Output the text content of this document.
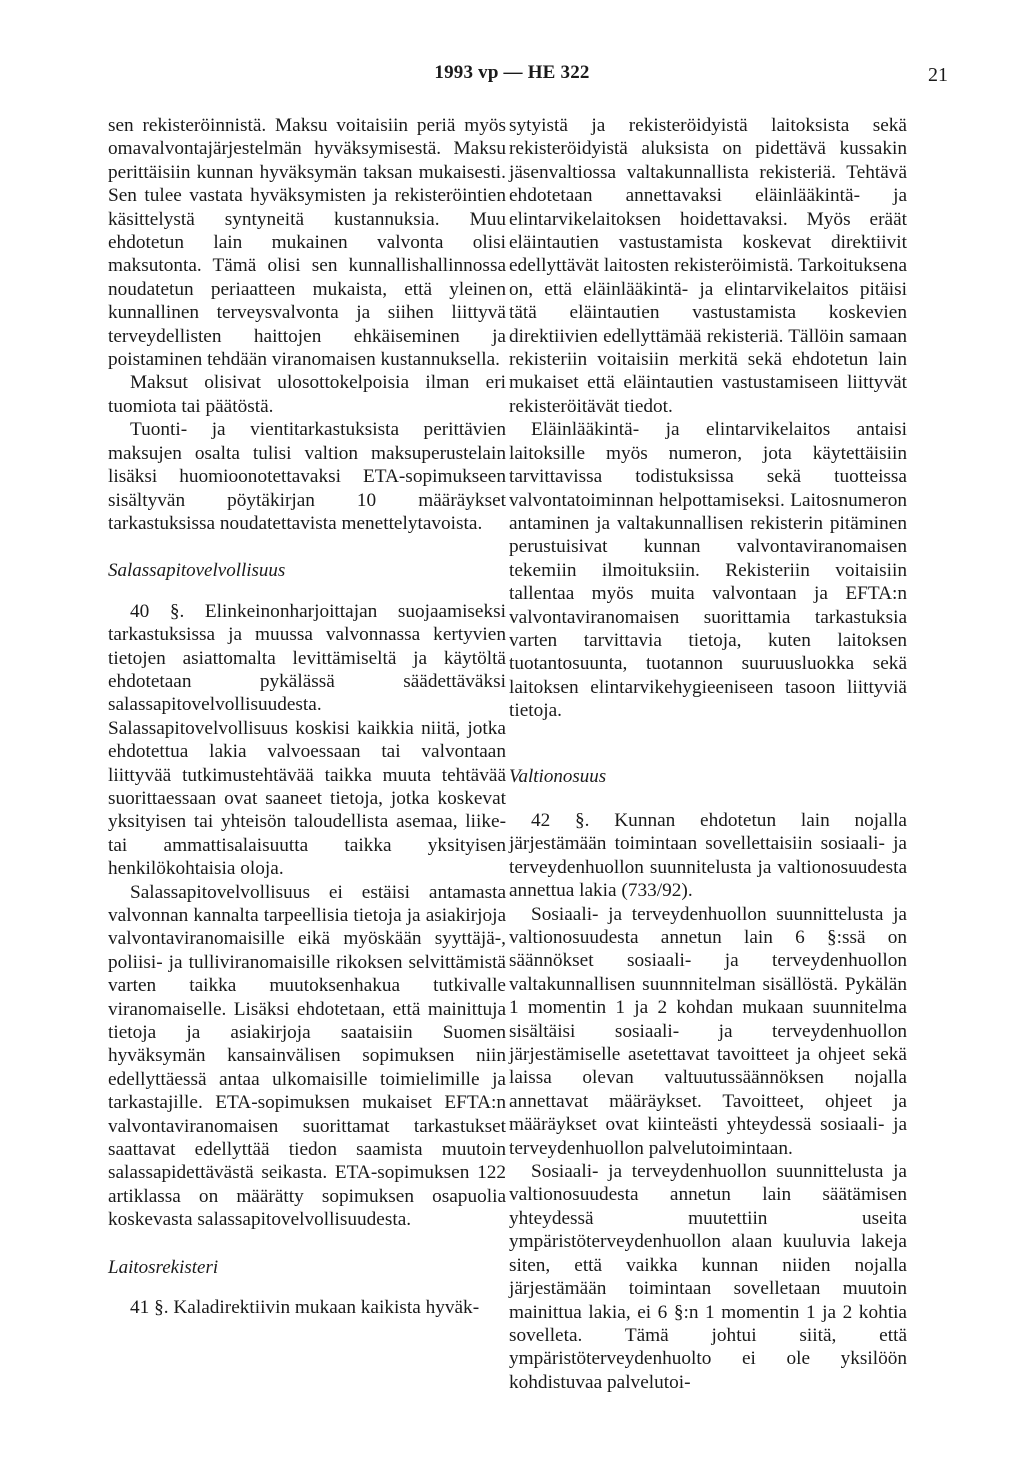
1993 vp — HE 322	21

sen rekisteröinnistä. Maksu voitaisiin periä myös omavalvontajärjestelmän hyväksymisestä. Maksu perittäisiin kunnan hyväksymän taksan mukaisesti. Sen tulee vastata hyväksymisten ja rekisteröintien käsittelystä syntyneitä kustannuksia. Muu ehdotetun lain mukainen valvonta olisi maksutonta. Tämä olisi sen kunnallishallinnossa noudatetun periaatteen mukaista, että yleinen kunnallinen terveysvalvonta ja siihen liittyvä terveydellisten haittojen ehkäiseminen ja poistaminen tehdään viranomaisen kustannuksella.

Maksut olisivat ulosottokelpoisia ilman eri tuomiota tai päätöstä.

Tuonti- ja vientitarkastuksista perittävien maksujen osalta tulisi valtion maksuperustelain lisäksi huomioonotettavaksi ETA-sopimukseen sisältyvän pöytäkirjan 10 määräykset tarkastuksissa noudatettavista menettelytavoista.

Salassapitovelvollisuus

40 §. Elinkeinonharjoittajan suojaamiseksi tarkastuksissa ja muussa valvonnassa kertyvien tietojen asiattomalta levittämiseltä ja käytöltä ehdotetaan pykälässä säädettäväksi salassapitovelvollisuudesta. Salassapitovelvollisuus koskisi kaikkia niitä, jotka ehdotettua lakia valvoessaan tai valvontaan liittyvää tutkimustehtävää taikka muuta tehtävää suorittaessaan ovat saaneet tietoja, jotka koskevat yksityisen tai yhteisön taloudellista asemaa, liike- tai ammattisalaisuutta taikka yksityisen henkilökohtaisia oloja.

Salassapitovelvollisuus ei estäisi antamasta valvonnan kannalta tarpeellisia tietoja ja asiakirjoja valvontaviranomaisille eikä myöskään syyttäjä-, poliisi- ja tulliviranomaisille rikoksen selvittämistä varten taikka muutoksenhakua tutkivalle viranomaiselle. Lisäksi ehdotetaan, että mainittuja tietoja ja asiakirjoja saataisiin Suomen hyväksymän kansainvälisen sopimuksen niin edellyttäessä antaa ulkomaisille toimielimille ja tarkastajille. ETA-sopimuksen mukaiset EFTA:n valvontaviranomaisen suorittamat tarkastukset saattavat edellyttää tiedon saamista muutoin salassapidettävästä seikasta. ETA-sopimuksen 122 artiklassa on määrätty sopimuksen osapuolia koskevasta salassapitovelvollisuudesta.

Laitosrekisteri

41 §. Kaladirektiivin mukaan kaikista hyväk-

sytyistä ja rekisteröidyistä laitoksista sekä rekisteröidyistä aluksista on pidettävä kussakin jäsenvaltiossa valtakunnallista rekisteriä. Tehtävä ehdotetaan annettavaksi eläinlääkintä- ja elintarvikelaitoksen hoidettavaksi. Myös eräät eläintautien vastustamista koskevat direktiivit edellyttävät laitosten rekisteröimistä. Tarkoituksena on, että eläinlääkintä- ja elintarvikelaitos pitäisi tätä eläintautien vastustamista koskevien direktiivien edellyttämää rekisteriä. Tällöin samaan rekisteriin voitaisiin merkitä sekä ehdotetun lain mukaiset että eläintautien vastustamiseen liittyvät rekisteröitävät tiedot.

Eläinlääkintä- ja elintarvikelaitos antaisi laitoksille myös numeron, jota käytettäisiin tarvittavissa todistuksissa sekä tuotteissa valvontatoiminnan helpottamiseksi. Laitosnumeron antaminen ja valtakunnallisen rekisterin pitäminen perustuisivat kunnan valvontaviranomaisen tekemiin ilmoituksiin. Rekisteriin voitaisiin tallentaa myös muita valvontaan ja EFTA:n valvontaviranomaisen suorittamia tarkastuksia varten tarvittavia tietoja, kuten laitoksen tuotantosuunta, tuotannon suuruusluokka sekä laitoksen elintarvikehygieeniseen tasoon liittyviä tietoja.

Valtionosuus

42 §. Kunnan ehdotetun lain nojalla järjestämään toimintaan sovellettaisiin sosiaali- ja terveydenhuollon suunnitelusta ja valtionosuudesta annettua lakia (733/92).

Sosiaali- ja terveydenhuollon suunnittelusta ja valtionosuudesta annetun lain 6 §:ssä on säännökset sosiaali- ja terveydenhuollon valtakunnallisen suunnnitelman sisällöstä. Pykälän 1 momentin 1 ja 2 kohdan mukaan suunnitelma sisältäisi sosiaali- ja terveydenhuollon järjestämiselle asetettavat tavoitteet ja ohjeet sekä laissa olevan valtuutussäännöksen nojalla annettavat määräykset. Tavoitteet, ohjeet ja määräykset ovat kiinteästi yhteydessä sosiaali- ja terveydenhuollon palvelutoimintaan.

Sosiaali- ja terveydenhuollon suunnittelusta ja valtionosuudesta annetun lain säätämisen yhteydessä muutettiin useita ympäristöterveydenhuollon alaan kuuluvia lakeja siten, että vaikka kunnan niiden nojalla järjestämään toimintaan sovelletaan muutoin mainittua lakia, ei 6 §:n 1 momentin 1 ja 2 kohtia sovelleta. Tämä johtui siitä, että ympäristöterveydenhuolto ei ole yksilöön kohdistuvaa palvelutoi-
